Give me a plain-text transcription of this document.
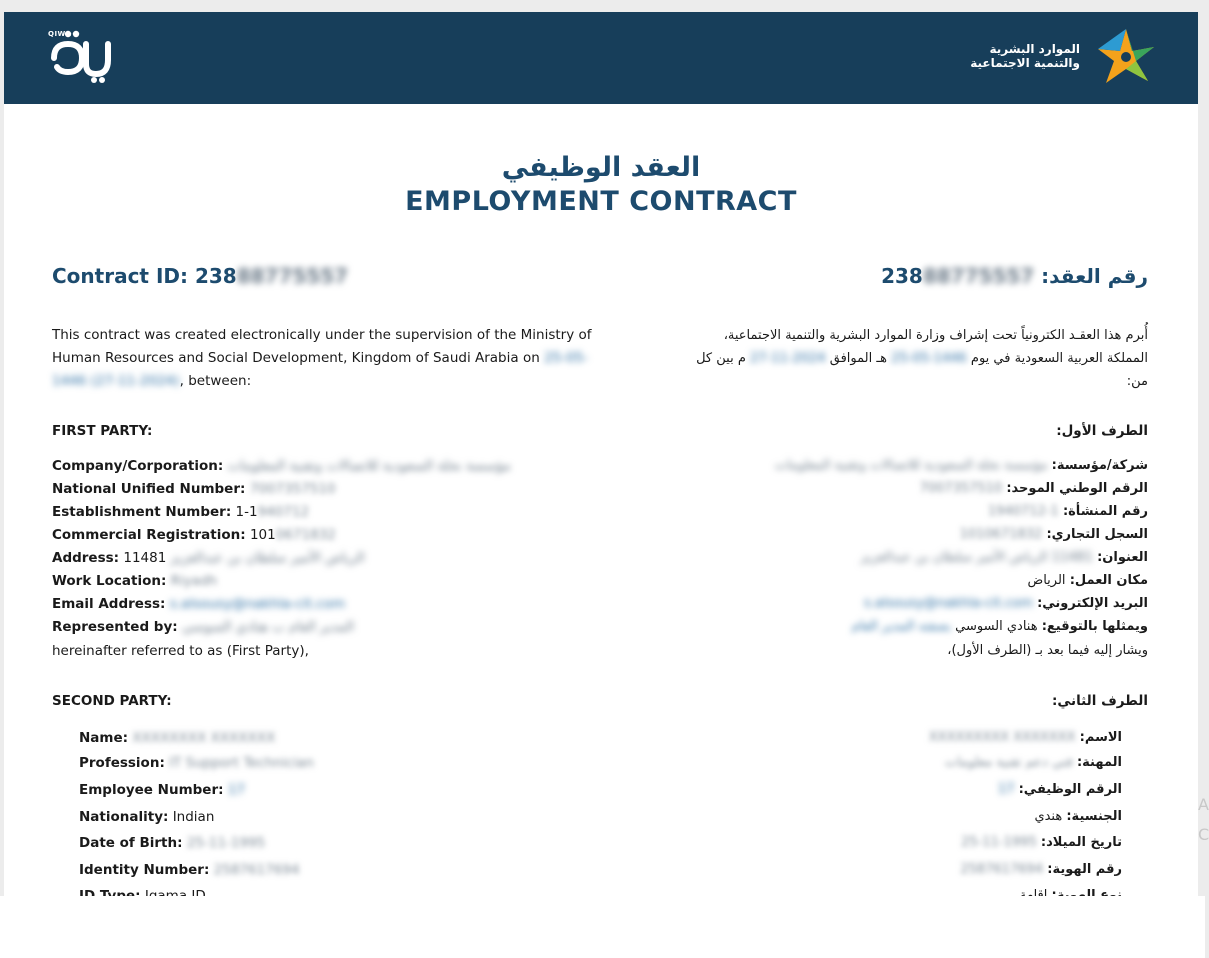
QIWA
الموارد البشرية
والتنمية الاجتماعية
العقد الوظيفي
EMPLOYMENT CONTRACT
Contract ID: 23888775557	رقم العقد: 23888775557
This contract was created electronically under the supervision of the Ministry of Human Resources and Social Development, Kingdom of Saudi Arabia on 25-05-1446 (27-11-2024), between:
أُبرم هذا العقـد الكترونياً تحت إشراف وزارة الموارد البشرية والتنمية الاجتماعية،
المملكة العربية السعودية في يوم 1446-05-25 هـ الموافق 2024-11-27 م بين كل
من:
FIRST PARTY:	الطرف الأول:
Company/Corporation: مؤسسة نخلة السعودية للاتصالات وتقنية المعلومات	شركة/مؤسسة: مؤسسة نخلة السعودية للاتصالات وتقنية المعلومات
National Unified Number: 7007357510	الرقم الوطني الموحد: 7007357510
Establishment Number: 1-1940712	رقم المنشأة: 1-1940712
Commercial Registration: 1010671832	السجل التجاري: 1010671832
Address: 11481 الرياض الأمير سلطان بن عبدالعزيز	العنوان: 11481 الرياض الأمير سلطان بن عبدالعزيز
Work Location: Riyadh	مكان العمل: الرياض
Email Address: s.alsousy@nakhla-cit.com	البريد الإلكتروني: s.alsousy@nakhla-cit.com
Represented by: المدير العام ب هنادي السوسي	ويمثلها بالتوقيع: هنادي السوسي بصفته المدير العام
hereinafter referred to as (First Party),	ويشار إليه فيما بعد بـ (الطرف الأول)،
SECOND PARTY:	الطرف الثاني:
Name: XXXXXXXX XXXXXXX	الاسم: XXXXXXXXX XXXXXXX
Profession: IT Support Technician	المهنة: فني دعم تقنية معلومات
Employee Number: 17	الرقم الوظيفي: 17
Nationality: Indian	الجنسية: هندي
Date of Birth: 25-11-1995	تاريخ الميلاد: 1995-11-25
Identity Number: 2587617694	رقم الهوية: 2587617694
A C
